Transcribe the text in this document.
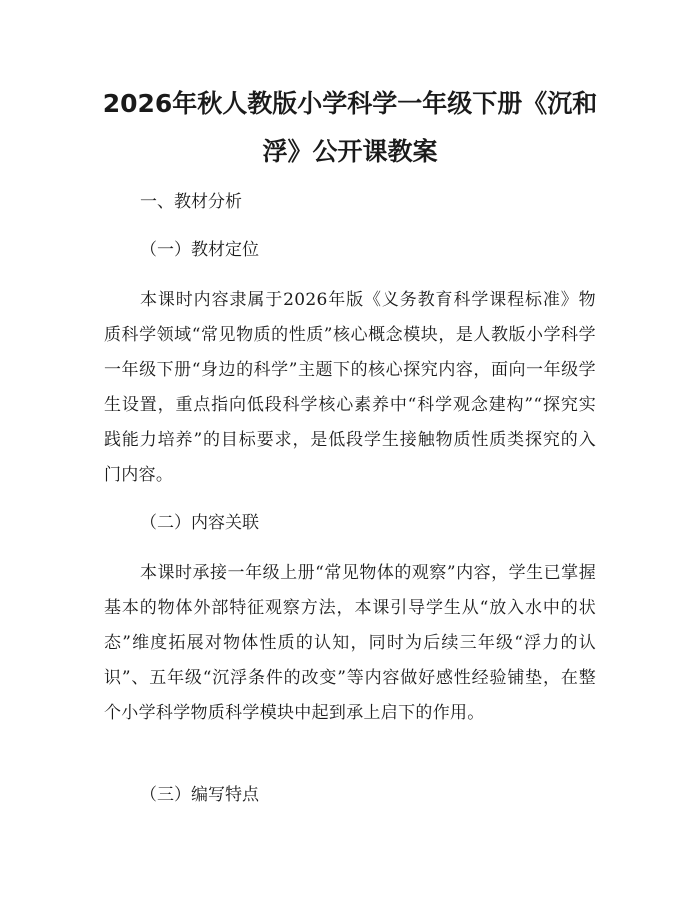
2026年秋人教版小学科学一年级下册《沉和浮》公开课教案

一、教材分析

（一）教材定位

本课时内容隶属于2026年版《义务教育科学课程标准》物质科学领域“常见物质的性质”核心概念模块，是人教版小学科学一年级下册“身边的科学”主题下的核心探究内容，面向一年级学生设置，重点指向低段科学核心素养中“科学观念建构”“探究实践能力培养”的目标要求，是低段学生接触物质性质类探究的入门内容。

（二）内容关联

本课时承接一年级上册“常见物体的观察”内容，学生已掌握基本的物体外部特征观察方法，本课引导学生从“放入水中的状态”维度拓展对物体性质的认知，同时为后续三年级“浮力的认识”、五年级“沉浮条件的改变”等内容做好感性经验铺垫，在整个小学科学物质科学模块中起到承上启下的作用。

（三）编写特点
